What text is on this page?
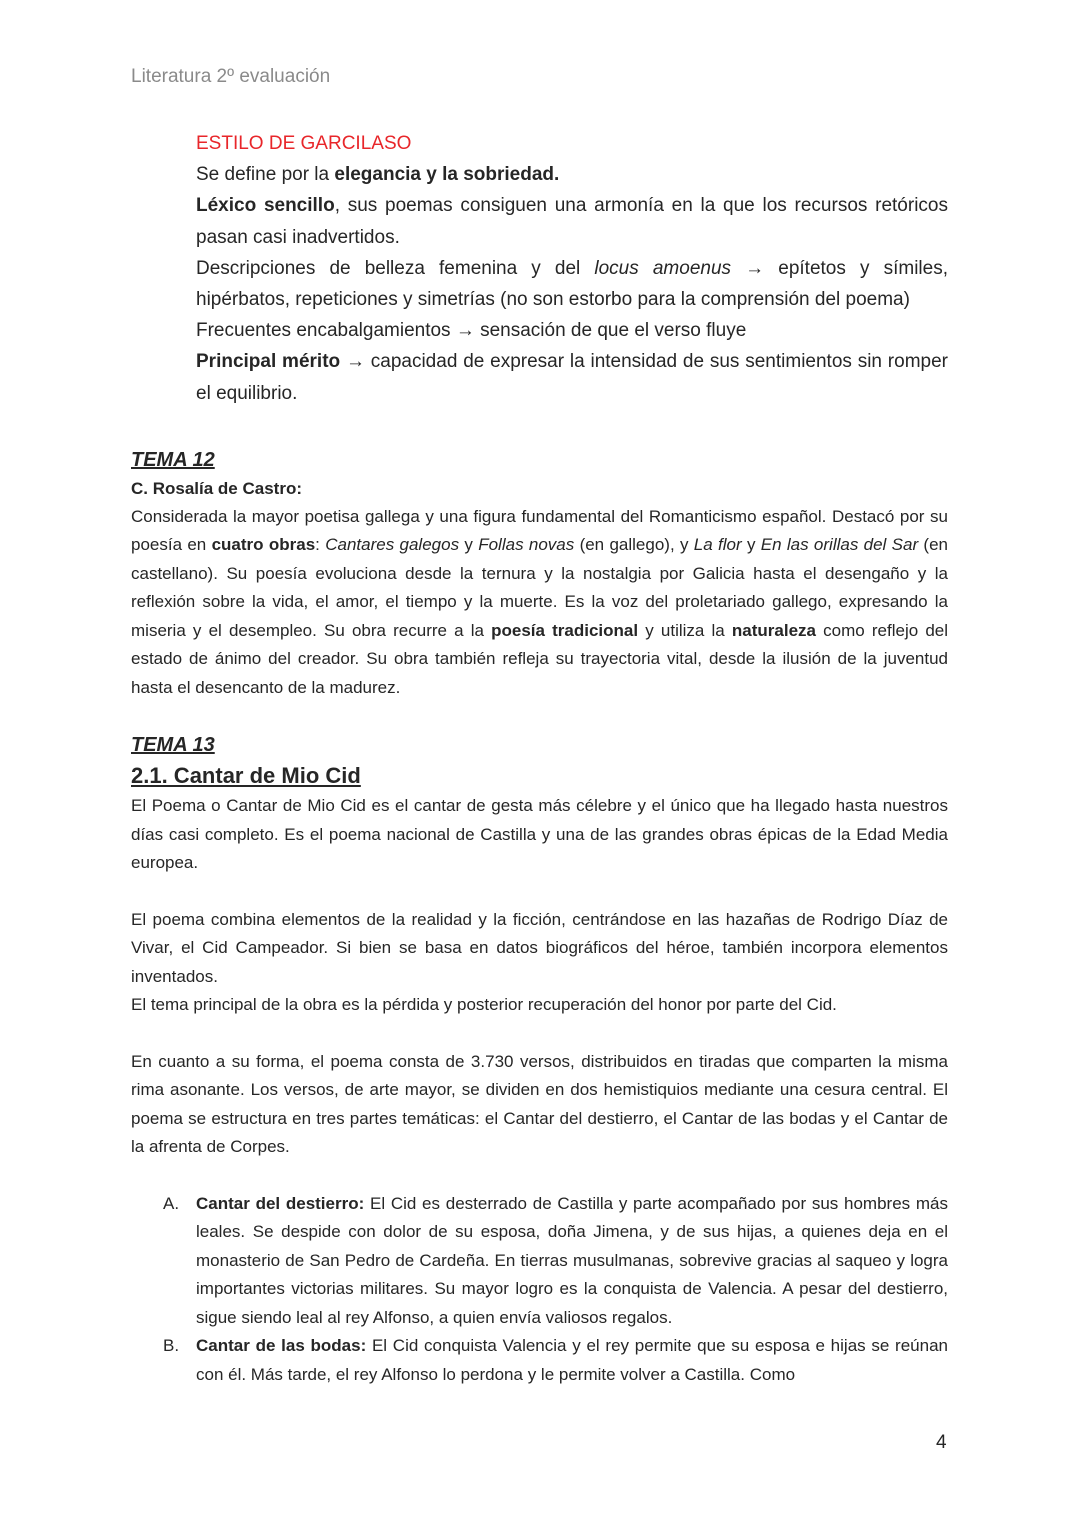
Literatura 2º evaluación

ESTILO DE GARCILASO

Se define por la elegancia y la sobriedad.

Léxico sencillo, sus poemas consiguen una armonía en la que los recursos retóricos pasan casi inadvertidos.

Descripciones de belleza femenina y del locus amoenus → epítetos y símiles, hipérbatos, repeticiones y simetrías (no son estorbo para la comprensión del poema)

Frecuentes encabalgamientos → sensación de que el verso fluye

Principal mérito → capacidad de expresar la intensidad de sus sentimientos sin romper el equilibrio.

TEMA 12

C. Rosalía de Castro:

Considerada la mayor poetisa gallega y una figura fundamental del Romanticismo español. Destacó por su poesía en cuatro obras: Cantares galegos y Follas novas (en gallego), y La flor y En las orillas del Sar (en castellano). Su poesía evoluciona desde la ternura y la nostalgia por Galicia hasta el desengaño y la reflexión sobre la vida, el amor, el tiempo y la muerte. Es la voz del proletariado gallego, expresando la miseria y el desempleo. Su obra recurre a la poesía tradicional y utiliza la naturaleza como reflejo del estado de ánimo del creador. Su obra también refleja su trayectoria vital, desde la ilusión de la juventud hasta el desencanto de la madurez.

TEMA 13

2.1. Cantar de Mio Cid

El Poema o Cantar de Mio Cid es el cantar de gesta más célebre y el único que ha llegado hasta nuestros días casi completo. Es el poema nacional de Castilla y una de las grandes obras épicas de la Edad Media europea.

El poema combina elementos de la realidad y la ficción, centrándose en las hazañas de Rodrigo Díaz de Vivar, el Cid Campeador. Si bien se basa en datos biográficos del héroe, también incorpora elementos inventados.

El tema principal de la obra es la pérdida y posterior recuperación del honor por parte del Cid.

En cuanto a su forma, el poema consta de 3.730 versos, distribuidos en tiradas que comparten la misma rima asonante. Los versos, de arte mayor, se dividen en dos hemistiquios mediante una cesura central. El poema se estructura en tres partes temáticas: el Cantar del destierro, el Cantar de las bodas y el Cantar de la afrenta de Corpes.

A. Cantar del destierro: El Cid es desterrado de Castilla y parte acompañado por sus hombres más leales. Se despide con dolor de su esposa, doña Jimena, y de sus hijas, a quienes deja en el monasterio de San Pedro de Cardeña. En tierras musulmanas, sobrevive gracias al saqueo y logra importantes victorias militares. Su mayor logro es la conquista de Valencia. A pesar del destierro, sigue siendo leal al rey Alfonso, a quien envía valiosos regalos.
B. Cantar de las bodas: El Cid conquista Valencia y el rey permite que su esposa e hijas se reúnan con él. Más tarde, el rey Alfonso lo perdona y le permite volver a Castilla. Como
4
